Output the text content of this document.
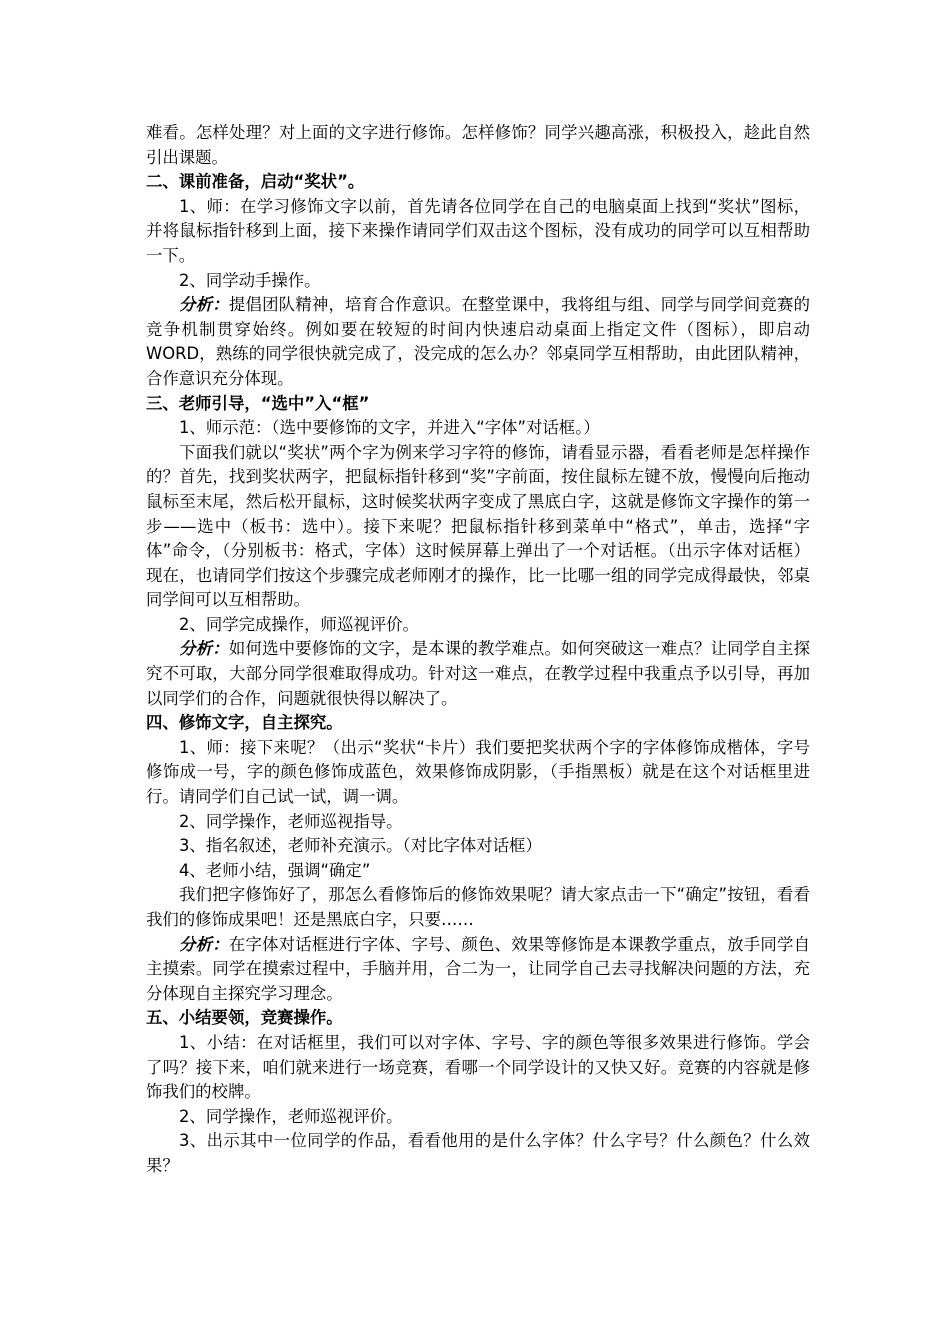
难看。怎样处理？对上面的文字进行修饰。怎样修饰？同学兴趣高涨，积极投入，趁此自然引出课题。

二、课前准备，启动“奖状”。

1、师：在学习修饰文字以前，首先请各位同学在自己的电脑桌面上找到“奖状”图标，并将鼠标指针移到上面，接下来操作请同学们双击这个图标，没有成功的同学可以互相帮助一下。

2、同学动手操作。

分析：提倡团队精神，培育合作意识。在整堂课中，我将组与组、同学与同学间竞赛的竞争机制贯穿始终。例如要在较短的时间内快速启动桌面上指定文件（图标），即启动 WORD，熟练的同学很快就完成了，没完成的怎么办？邻桌同学互相帮助，由此团队精神，合作意识充分体现。

三、老师引导，“选中”入“框”

1、师示范：（选中要修饰的文字，并进入“字体”对话框。）

下面我们就以“奖状”两个字为例来学习字符的修饰，请看显示器，看看老师是怎样操作的？首先，找到奖状两字，把鼠标指针移到“奖”字前面，按住鼠标左键不放，慢慢向后拖动鼠标至末尾，然后松开鼠标，这时候奖状两字变成了黑底白字，这就是修饰文字操作的第一步——选中（板书：选中）。接下来呢？把鼠标指针移到菜单中“格式”，单击，选择“字体”命令，（分别板书：格式，字体）这时候屏幕上弹出了一个对话框。（出示字体对话框）现在，也请同学们按这个步骤完成老师刚才的操作，比一比哪一组的同学完成得最快，邻桌同学间可以互相帮助。

2、同学完成操作，师巡视评价。

分析：如何选中要修饰的文字，是本课的教学难点。如何突破这一难点？让同学自主探究不可取，大部分同学很难取得成功。针对这一难点，在教学过程中我重点予以引导，再加以同学们的合作，问题就很快得以解决了。

四、修饰文字，自主探究。

1、师：接下来呢？（出示“奖状“卡片）我们要把奖状两个字的字体修饰成楷体，字号修饰成一号，字的颜色修饰成蓝色，效果修饰成阴影，（手指黑板）就是在这个对话框里进行。请同学们自己试一试，调一调。

2、同学操作，老师巡视指导。

3、指名叙述，老师补充演示。（对比字体对话框）

4、老师小结，强调“确定”

我们把字修饰好了，那怎么看修饰后的修饰效果呢？请大家点击一下“确定”按钮，看看我们的修饰成果吧！还是黑底白字，只要……

分析：在字体对话框进行字体、字号、颜色、效果等修饰是本课教学重点，放手同学自主摸索。同学在摸索过程中，手脑并用，合二为一，让同学自己去寻找解决问题的方法，充分体现自主探究学习理念。

五、小结要领，竞赛操作。

1、小结：在对话框里，我们可以对字体、字号、字的颜色等很多效果进行修饰。学会了吗？接下来，咱们就来进行一场竞赛，看哪一个同学设计的又快又好。竞赛的内容就是修饰我们的校牌。

2、同学操作，老师巡视评价。

3、出示其中一位同学的作品，看看他用的是什么字体？什么字号？什么颜色？什么效果？
